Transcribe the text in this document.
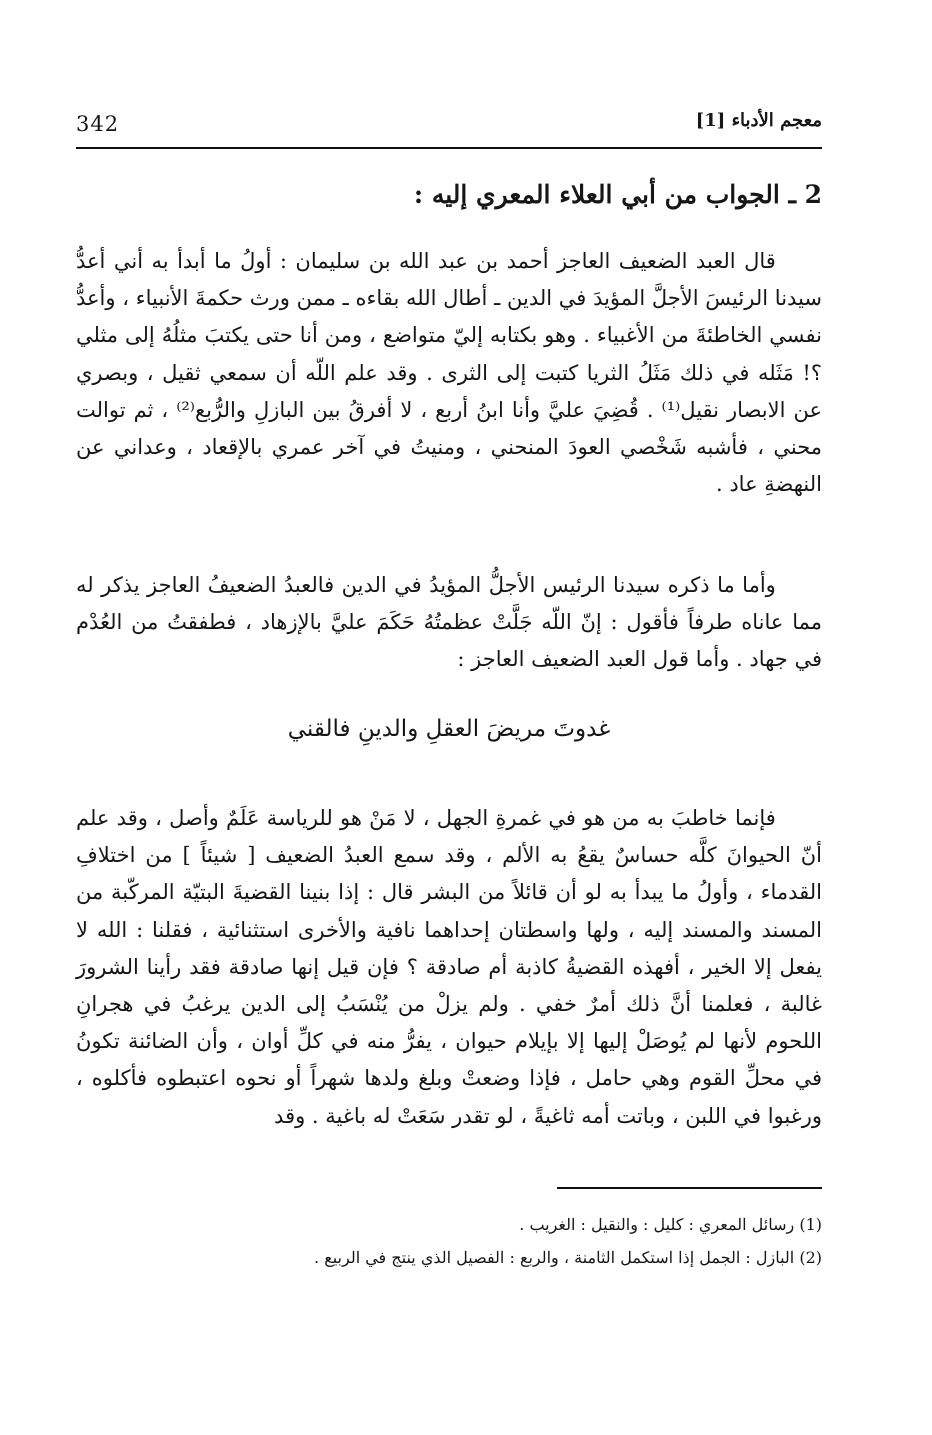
342	معجم الأدباء [1]
2 ـ الجواب من أبي العلاء المعري إليه :

قال العبد الضعيف العاجز أحمد بن عبد الله بن سليمان : أولُ ما أبدأ به أني أعدُّ سيدنا الرئيسَ الأجلَّ المؤيدَ في الدين ـ أطال الله بقاءه ـ ممن ورث حكمةَ الأنبياء ، وأعدُّ نفسي الخاطئةَ من الأغبياء . وهو بكتابه إليّ متواضع ، ومن أنا حتى يكتبَ مثلُهُ إلى مثلي ؟! مَثَله في ذلك مَثَلُ الثريا كتبت إلى الثرى . وقد علم اللّه أن سمعي ثقيل ، وبصري عن الابصار نقيل⁽¹⁾ . قُضِيَ عليَّ وأنا ابنُ أربع ، لا أفرقُ بين البازلِ والرُّبع⁽²⁾ ، ثم توالت محني ، فأشبه شَخْصي العودَ المنحني ، ومنيتُ في آخر عمري بالإقعاد ، وعداني عن النهضةِ عاد .

وأما ما ذكره سيدنا الرئيس الأجلُّ المؤيدُ في الدين فالعبدُ الضعيفُ العاجز يذكر له مما عاناه طرفاً فأقول : إنّ اللّه جَلَّتْ عظمتُهُ حَكَمَ عليَّ بالإزهاد ، فطفقتُ من العُدْم في جهاد . وأما قول العبد الضعيف العاجز :

غدوتَ مريضَ العقلِ والدينِ فالقني

فإنما خاطبَ به من هو في غمرةِ الجهل ، لا مَنْ هو للرياسة عَلَمٌ وأصل ، وقد علم أنّ الحيوانَ كلَّه حساسٌ يقعُ به الألم ، وقد سمع العبدُ الضعيف [ شيئاً ] من اختلافِ القدماء ، وأولُ ما يبدأ به لو أن قائلاً من البشر قال : إذا بنينا القضيةَ البتيّة المركّبة من المسند والمسند إليه ، ولها واسطتان إحداهما نافية والأخرى استثنائية ، فقلنا : الله لا يفعل إلا الخير ، أفهذه القضيةُ كاذبة أم صادقة ؟ فإن قيل إنها صادقة فقد رأينا الشرورَ غالبة ، فعلمنا أنَّ ذلك أمرٌ خفي . ولم يزلْ من يُنْسَبُ إلى الدين يرغبُ في هجرانِ اللحوم لأنها لم يُوصَلْ إليها إلا بإيلام حيوان ، يفرُّ منه في كلِّ أوان ، وأن الضائنة تكونُ في محلِّ القوم وهي حامل ، فإذا وضعتْ وبلغ ولدها شهراً أو نحوه اعتبطوه فأكلوه ، ورغبوا في اللبن ، وباتت أمه ثاغيةً ، لو تقدر سَعَتْ له باغية . وقد

(1) رسائل المعري : كليل : والنقيل : الغريب .
(2) البازل : الجمل إذا استكمل الثامنة ، والربع : الفصيل الذي ينتج في الربيع .
